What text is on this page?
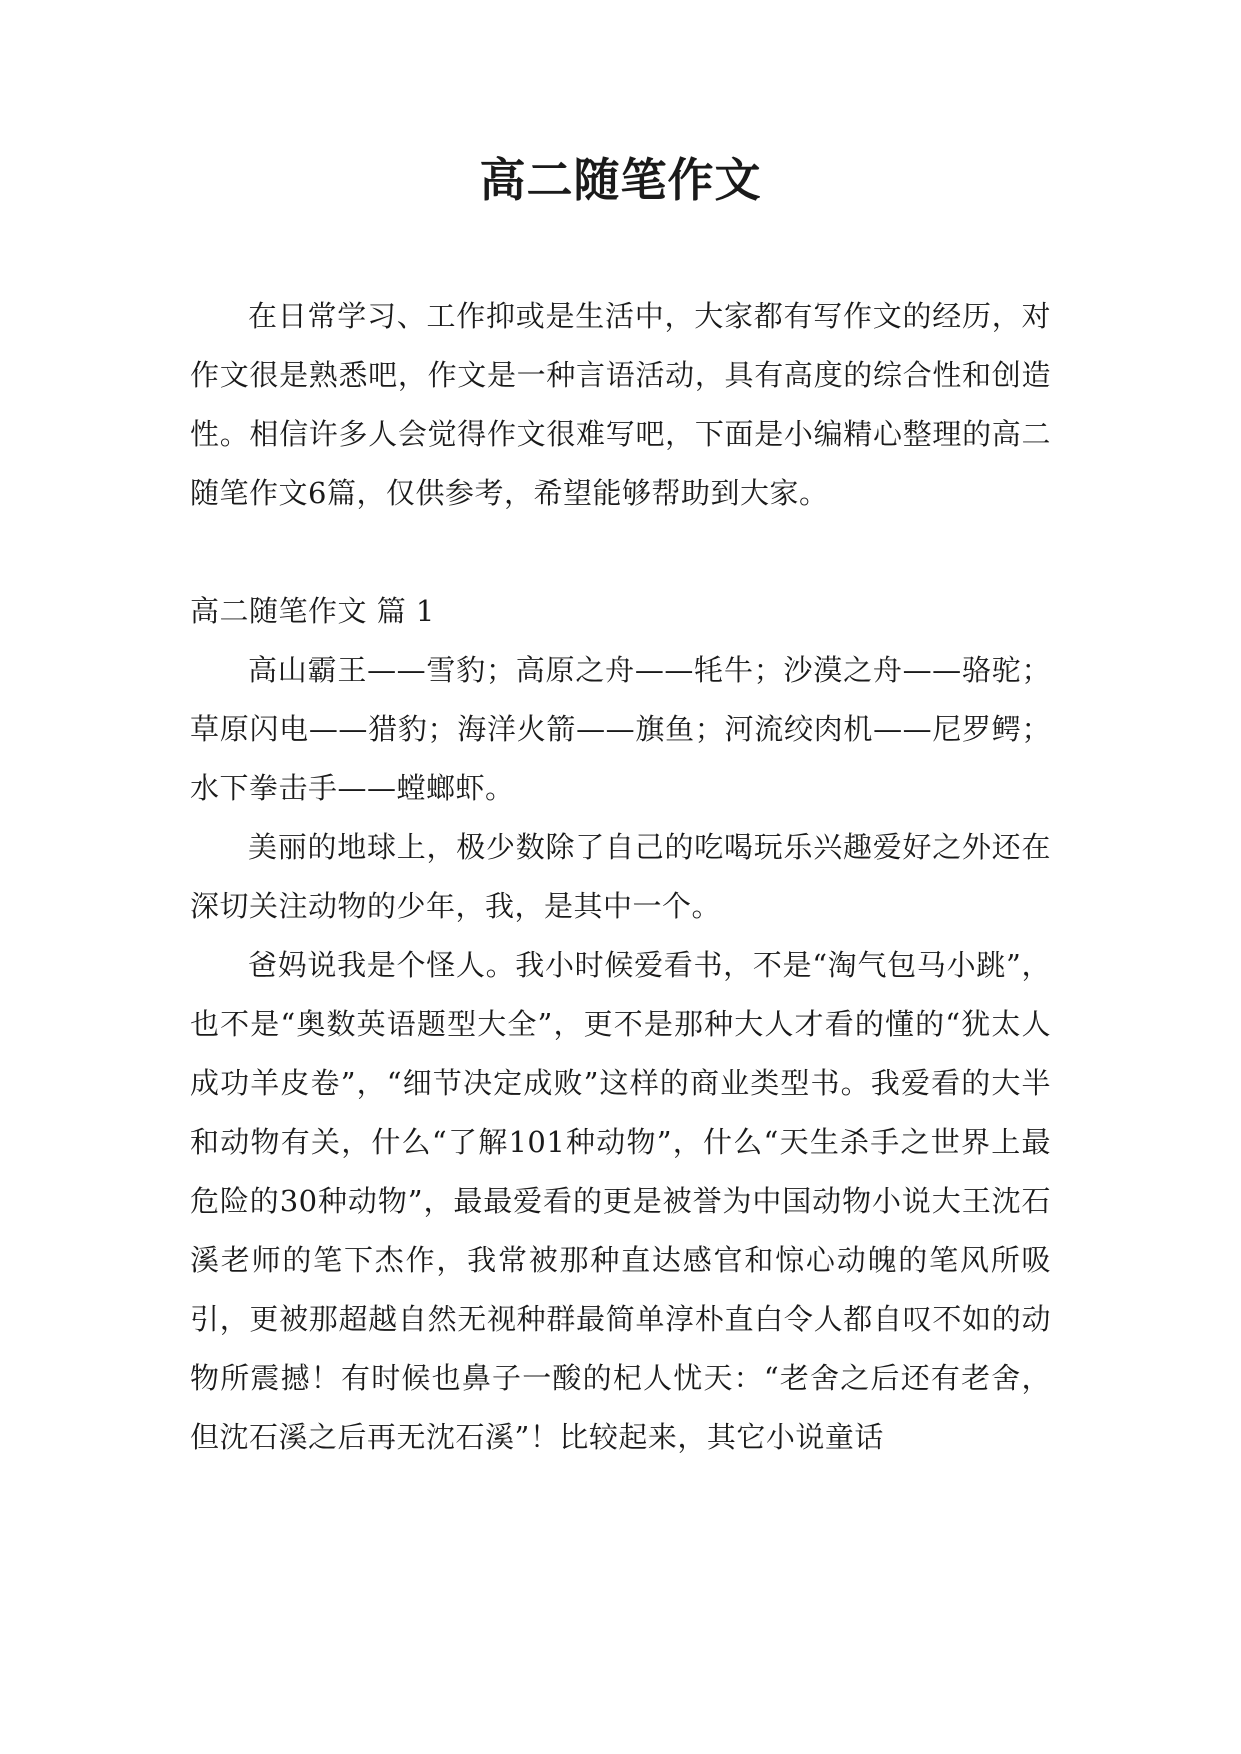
高二随笔作文

在日常学习、工作抑或是生活中，大家都有写作文的经历，对作文很是熟悉吧，作文是一种言语活动，具有高度的综合性和创造性。相信许多人会觉得作文很难写吧，下面是小编精心整理的高二随笔作文6篇，仅供参考，希望能够帮助到大家。

高二随笔作文 篇 1

高山霸王——雪豹；高原之舟——牦牛；沙漠之舟——骆驼；草原闪电——猎豹；海洋火箭——旗鱼；河流绞肉机——尼罗鳄；水下拳击手——螳螂虾。

美丽的地球上，极少数除了自己的吃喝玩乐兴趣爱好之外还在深切关注动物的少年，我，是其中一个。

爸妈说我是个怪人。我小时候爱看书，不是“淘气包马小跳”，也不是“奥数英语题型大全”，更不是那种大人才看的懂的“犹太人成功羊皮卷”，“细节决定成败”这样的商业类型书。我爱看的大半和动物有关，什么“了解101种动物”，什么“天生杀手之世界上最危险的30种动物”，最最爱看的更是被誉为中国动物小说大王沈石溪老师的笔下杰作，我常被那种直达感官和惊心动魄的笔风所吸引，更被那超越自然无视种群最简单淳朴直白令人都自叹不如的动物所震撼！有时候也鼻子一酸的杞人忧天：“老舍之后还有老舍，但沈石溪之后再无沈石溪”！比较起来，其它小说童话
